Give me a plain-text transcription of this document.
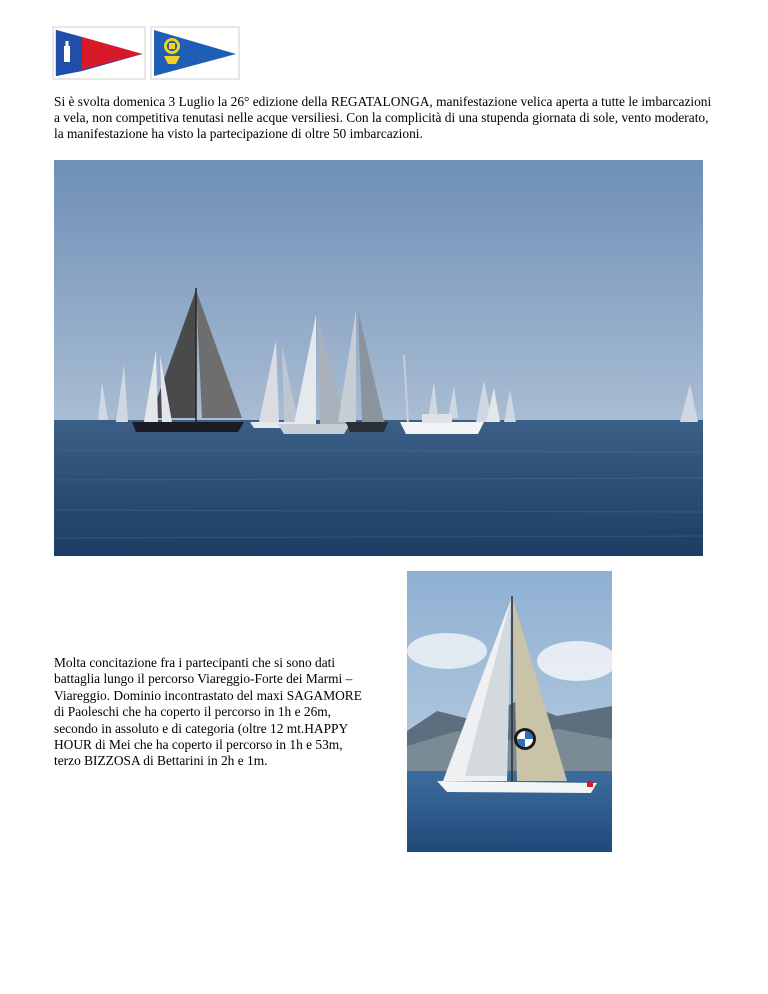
Si è svolta domenica 3 Luglio la 26° edizione della REGATALONGA, manifestazione velica aperta a tutte le imbarcazioni a vela, non competitiva tenutasi nelle acque versiliesi. Con la complicità di una stupenda giornata di sole, vento moderato, la manifestazione ha visto la partecipazione di oltre 50 imbarcazioni.

Molta concitazione fra i partecipanti che si sono dati battaglia lungo il percorso Viareggio-Forte dei Marmi –Viareggio. Dominio incontrastato del maxi SAGAMORE di Paoleschi che ha coperto il percorso in 1h e 26m, secondo in assoluto e di categoria (oltre 12 mt.HAPPY HOUR di Mei che ha coperto il percorso in 1h e 53m, terzo BIZZOSA di Bettarini in 2h e 1m.
